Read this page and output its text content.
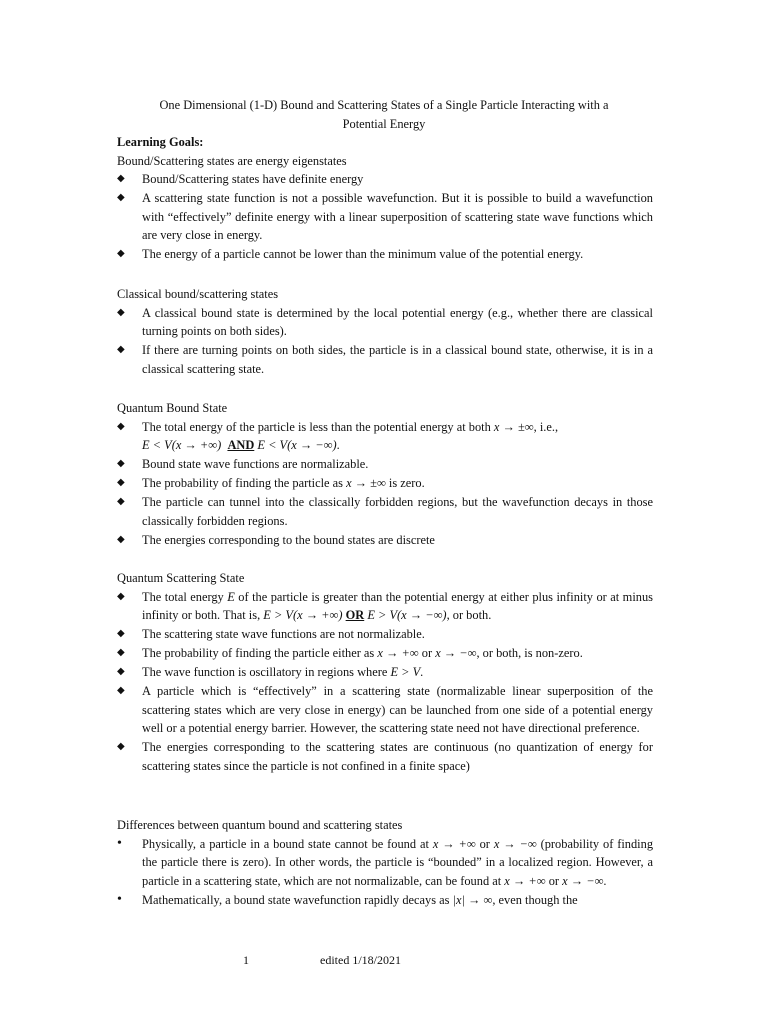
One Dimensional (1-D) Bound and Scattering States of a Single Particle Interacting with a
Potential Energy

Learning Goals:

Bound/Scattering states are energy eigenstates

◆	Bound/Scattering states have definite energy
◆	A scattering state function is not a possible wavefunction. But it is possible to build a wavefunction with “effectively” definite energy with a linear superposition of scattering state wave functions which are very close in energy.
◆	The energy of a particle cannot be lower than the minimum value of the potential energy.

Classical bound/scattering states

◆	A classical bound state is determined by the local potential energy (e.g., whether there are classical turning points on both sides).
◆	If there are turning points on both sides, the particle is in a classical bound state, otherwise, it is in a classical scattering state.

Quantum Bound State

◆	The total energy of the particle is less than the potential energy at both x → ±∞, i.e.,
E < V(x → +∞) AND E < V(x → −∞).
◆	Bound state wave functions are normalizable.
◆	The probability of finding the particle as x → ±∞ is zero.
◆	The particle can tunnel into the classically forbidden regions, but the wavefunction decays in those classically forbidden regions.
◆	The energies corresponding to the bound states are discrete

Quantum Scattering State

◆	The total energy E of the particle is greater than the potential energy at either plus infinity or at minus infinity or both. That is, E > V(x → +∞) OR E > V(x → −∞), or both.
◆	The scattering state wave functions are not normalizable.
◆	The probability of finding the particle either as x → +∞ or x → −∞, or both, is non-zero.
◆	The wave function is oscillatory in regions where E > V.
◆	A particle which is “effectively” in a scattering state (normalizable linear superposition of the scattering states which are very close in energy) can be launched from one side of a potential energy well or a potential energy barrier. However, the scattering state need not have directional preference.
◆	The energies corresponding to the scattering states are continuous (no quantization of energy for scattering states since the particle is not confined in a finite space)

Differences between quantum bound and scattering states

•	Physically, a particle in a bound state cannot be found at x → +∞ or x → −∞ (probability of finding the particle there is zero). In other words, the particle is “bounded” in a localized region. However, a particle in a scattering state, which are not normalizable, can be found at x → +∞ or x → −∞.
•	Mathematically, a bound state wavefunction rapidly decays as |x| → ∞, even though the
1	edited 1/18/2021
